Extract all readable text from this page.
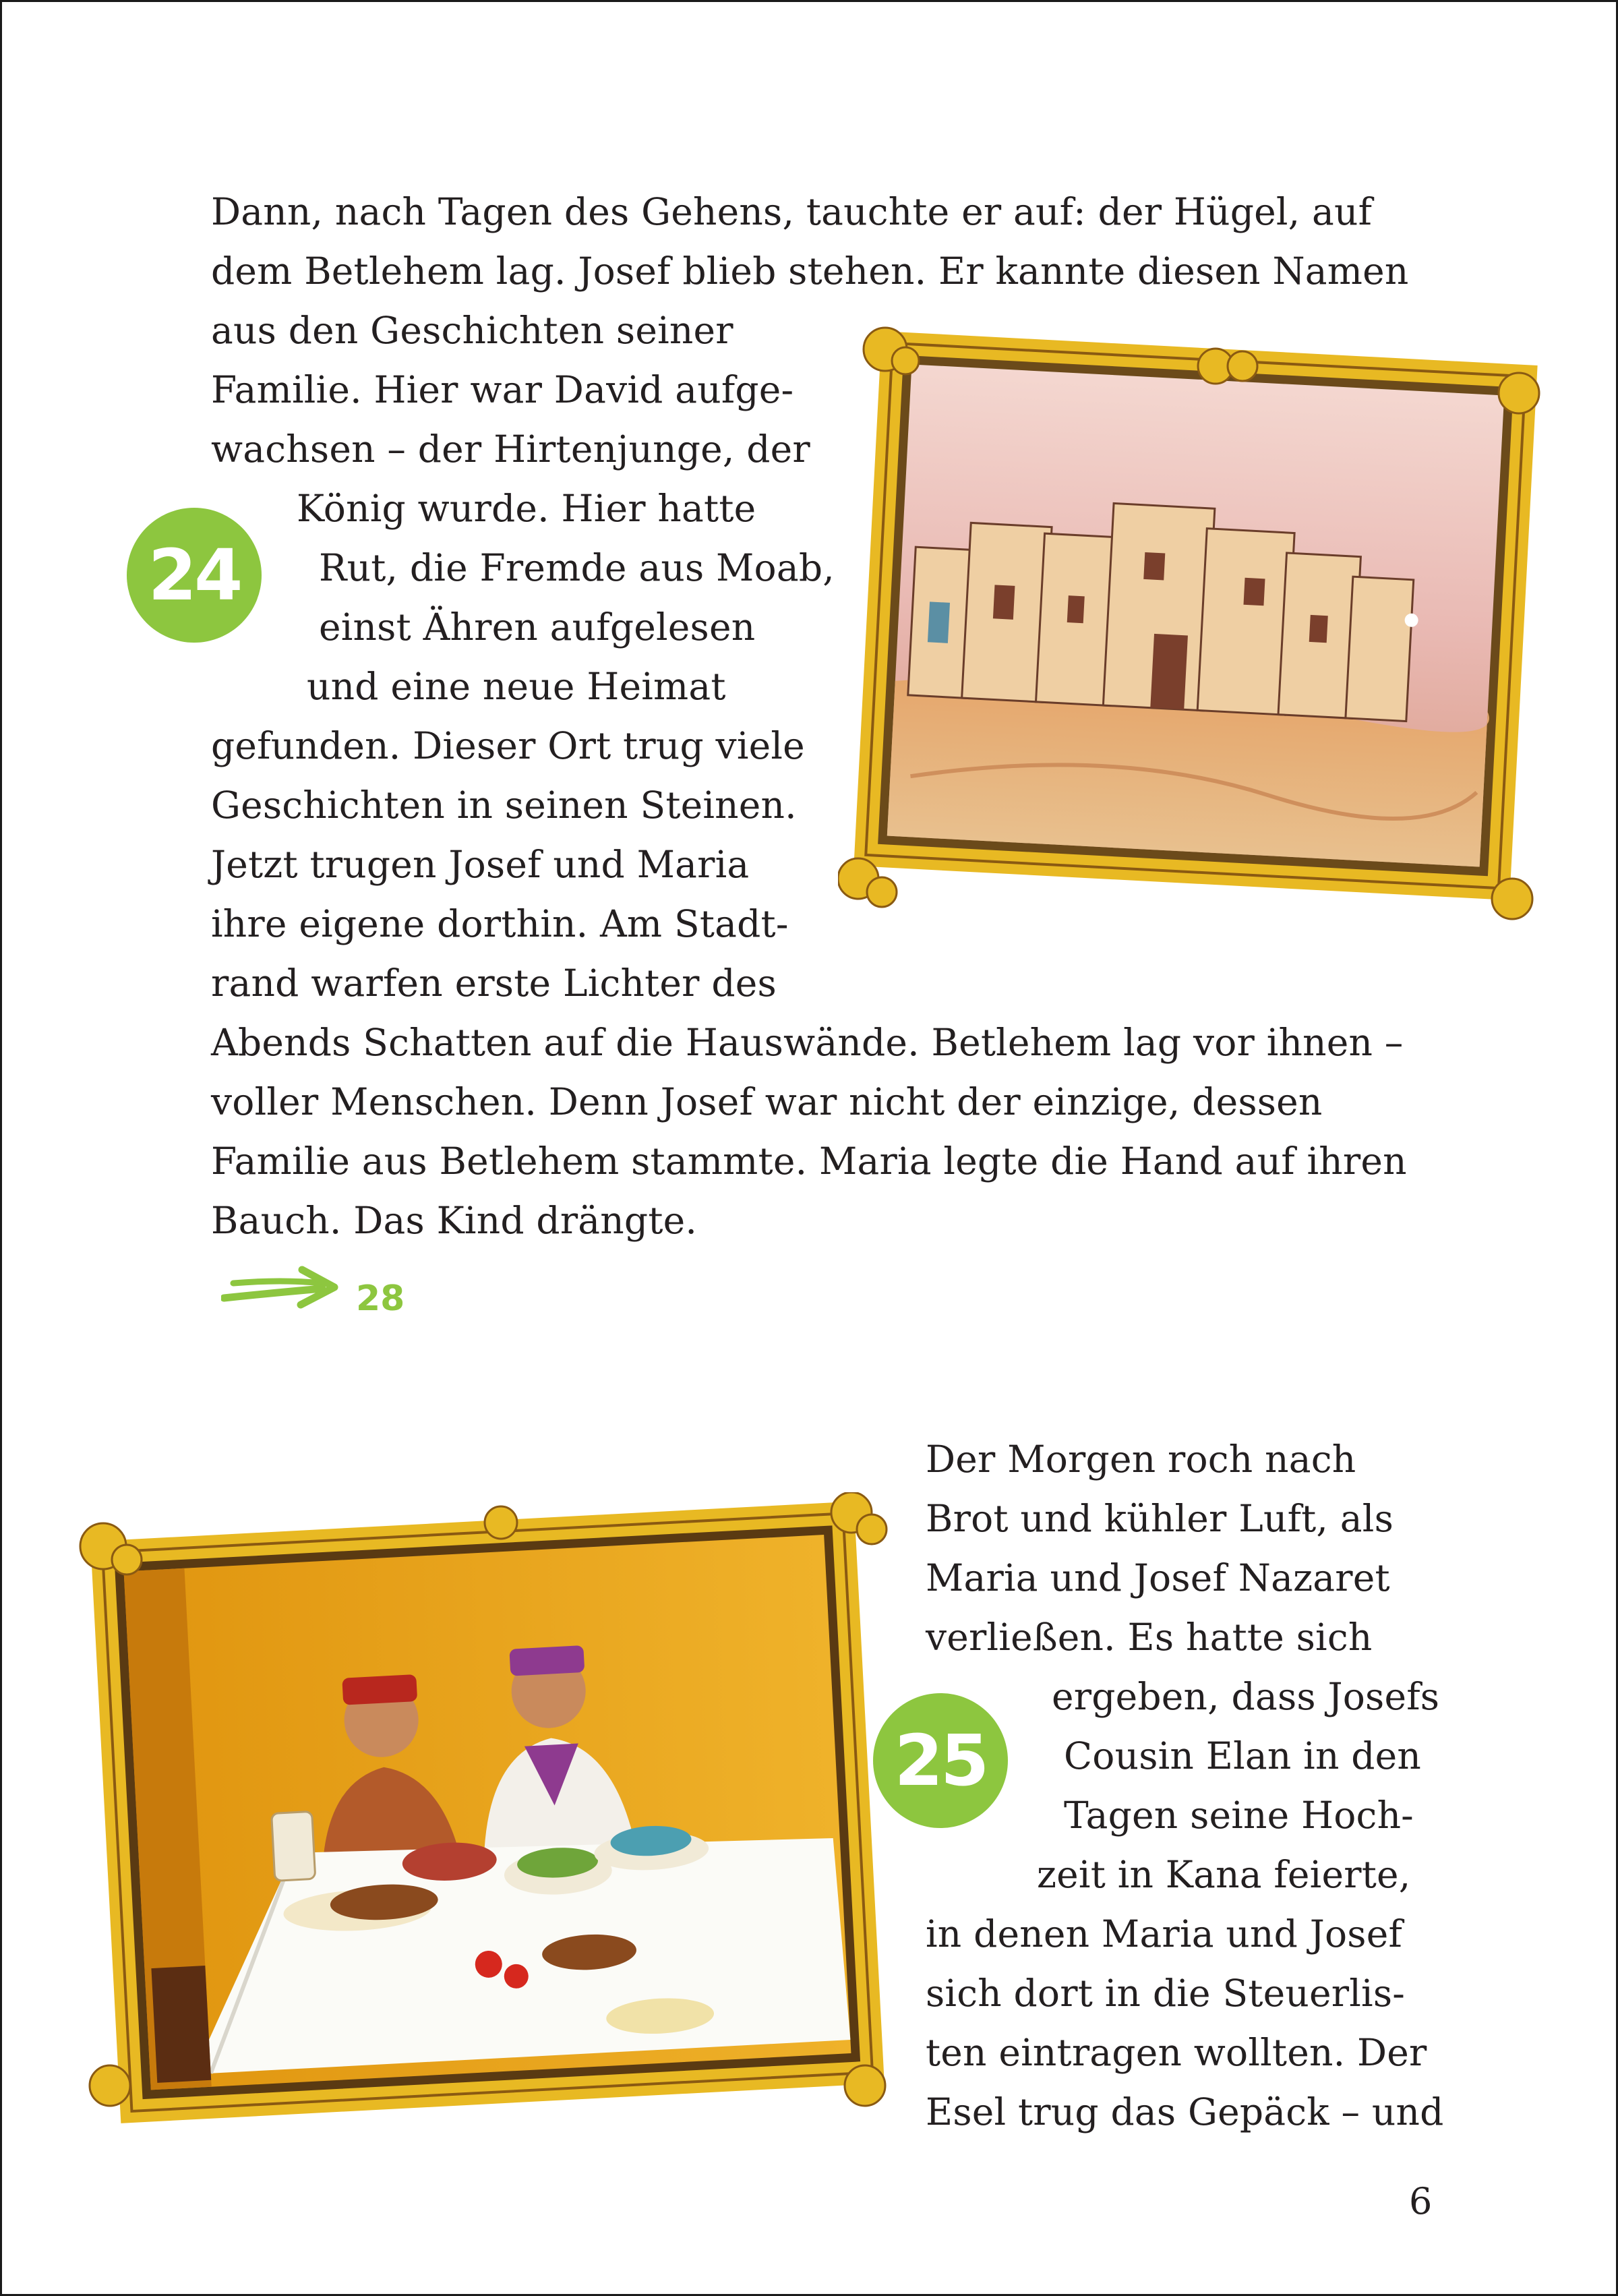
Dann, nach Tagen des Gehens, tauchte er auf: der Hügel, auf
dem Betlehem lag. Josef blieb stehen. Er kannte diesen Namen
aus den Geschichten seiner
Familie. Hier war David aufge-
wachsen – der Hirtenjunge, der
König wurde. Hier hatte
Rut, die Fremde aus Moab,
einst Ähren aufgelesen
und eine neue Heimat
gefunden. Dieser Ort trug viele
Geschichten in seinen Steinen.
Jetzt trugen Josef und Maria
ihre eigene dorthin. Am Stadt-
rand warfen erste Lichter des
Abends Schatten auf die Hauswände. Betlehem lag vor ihnen –
voller Menschen. Denn Josef war nicht der einzige, dessen
Familie aus Betlehem stammte. Maria legte die Hand auf ihren
Bauch. Das Kind drängte.
24
28
Der Morgen roch nach
Brot und kühler Luft, als
Maria und Josef Nazaret
verließen. Es hatte sich
ergeben, dass Josefs
Cousin Elan in den
Tagen seine Hoch-
zeit in Kana feierte,
in denen Maria und Josef
sich dort in die Steuerlis-
ten eintragen wollten. Der
Esel trug das Gepäck – und
25
6
